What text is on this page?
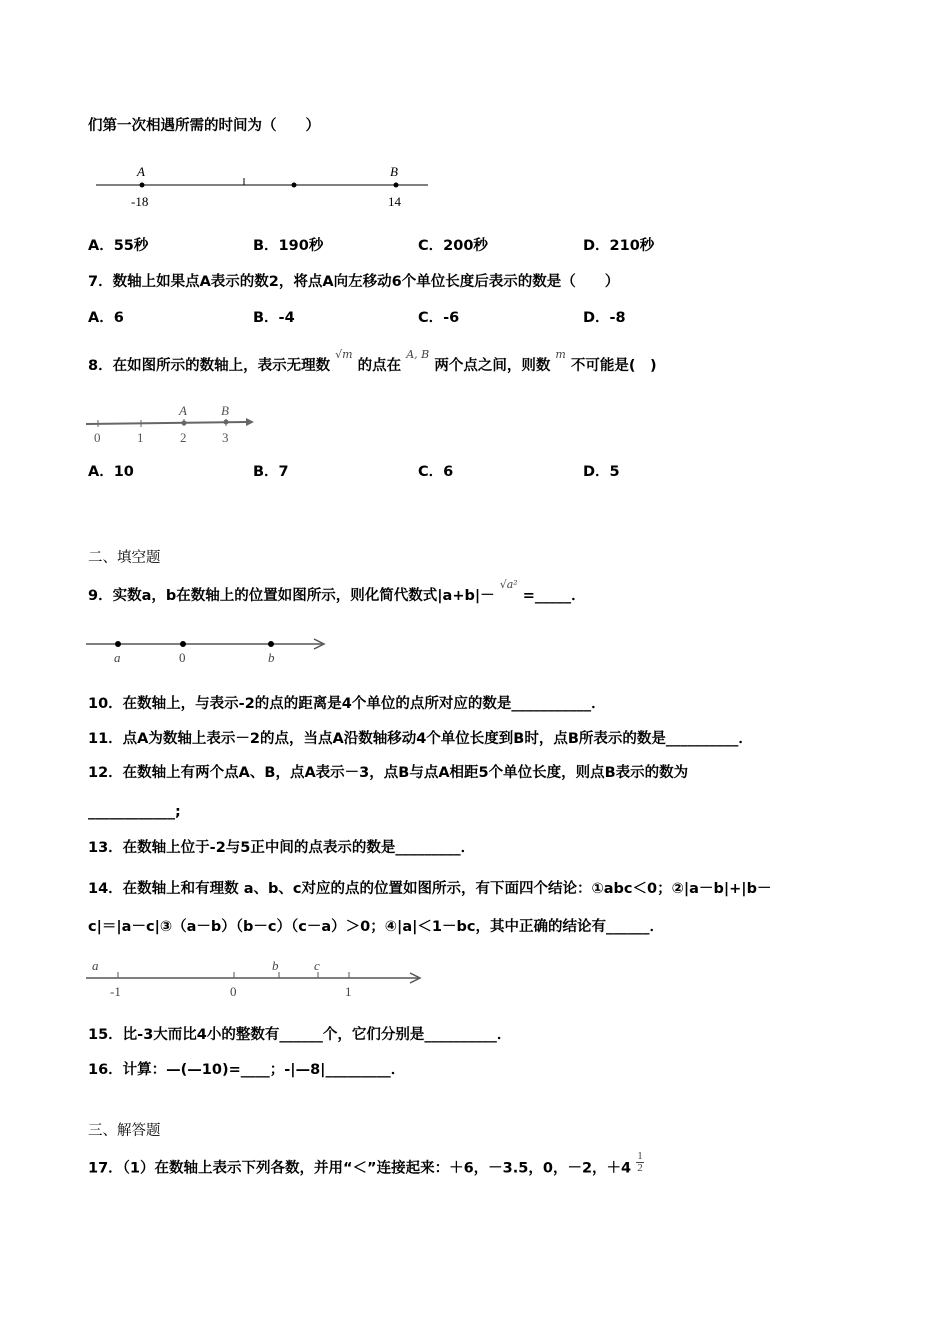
们第一次相遇所需的时间为（　　）
A	B
-18	14
A．55秒	B．190秒	C．200秒	D．210秒
7．数轴上如果点A表示的数2，将点A向左移动6个单位长度后表示的数是（　　）
A．6	B．-4	C．-6	D．-8
8．在如图所示的数轴上，表示无理数 $^{√m}$ 的点在 $^{A, B}$ 两个点之间，则数 $^m$ 不可能是(　)
A	B
0	1	2	3
A．10	B．7	C．6	D．5
二、填空题
9．实数a，b在数轴上的位置如图所示，则化简代数式|a+b|－ $^{√a^2}$ =_____．
a	0	b
10．在数轴上，与表示-2的点的距离是4个单位的点所对应的数是___________．
11．点A为数轴上表示－2的点，当点A沿数轴移动4个单位长度到B时，点B所表示的数是__________．
12．在数轴上有两个点A、B，点A表示－3，点B与点A相距5个单位长度，则点B表示的数为
____________;
13．在数轴上位于-2与5正中间的点表示的数是_________．
14．在数轴上和有理数 a、b、c对应的点的位置如图所示，有下面四个结论：①abc＜0；②|a－b|+|b－
c|＝|a－c|③（a－b）（b－c）（c－a）＞0；④|a|＜1－bc，其中正确的结论有______．
a	b	c
-1	0	1
15．比-3大而比4小的整数有______个，它们分别是__________．
16．计算：—(—10)=____；-|—8|_________．
三、解答题
17．（1）在数轴上表示下列各数，并用“＜”连接起来：＋6，－3.5，0，－2，$+4 \frac{1}{2}$
